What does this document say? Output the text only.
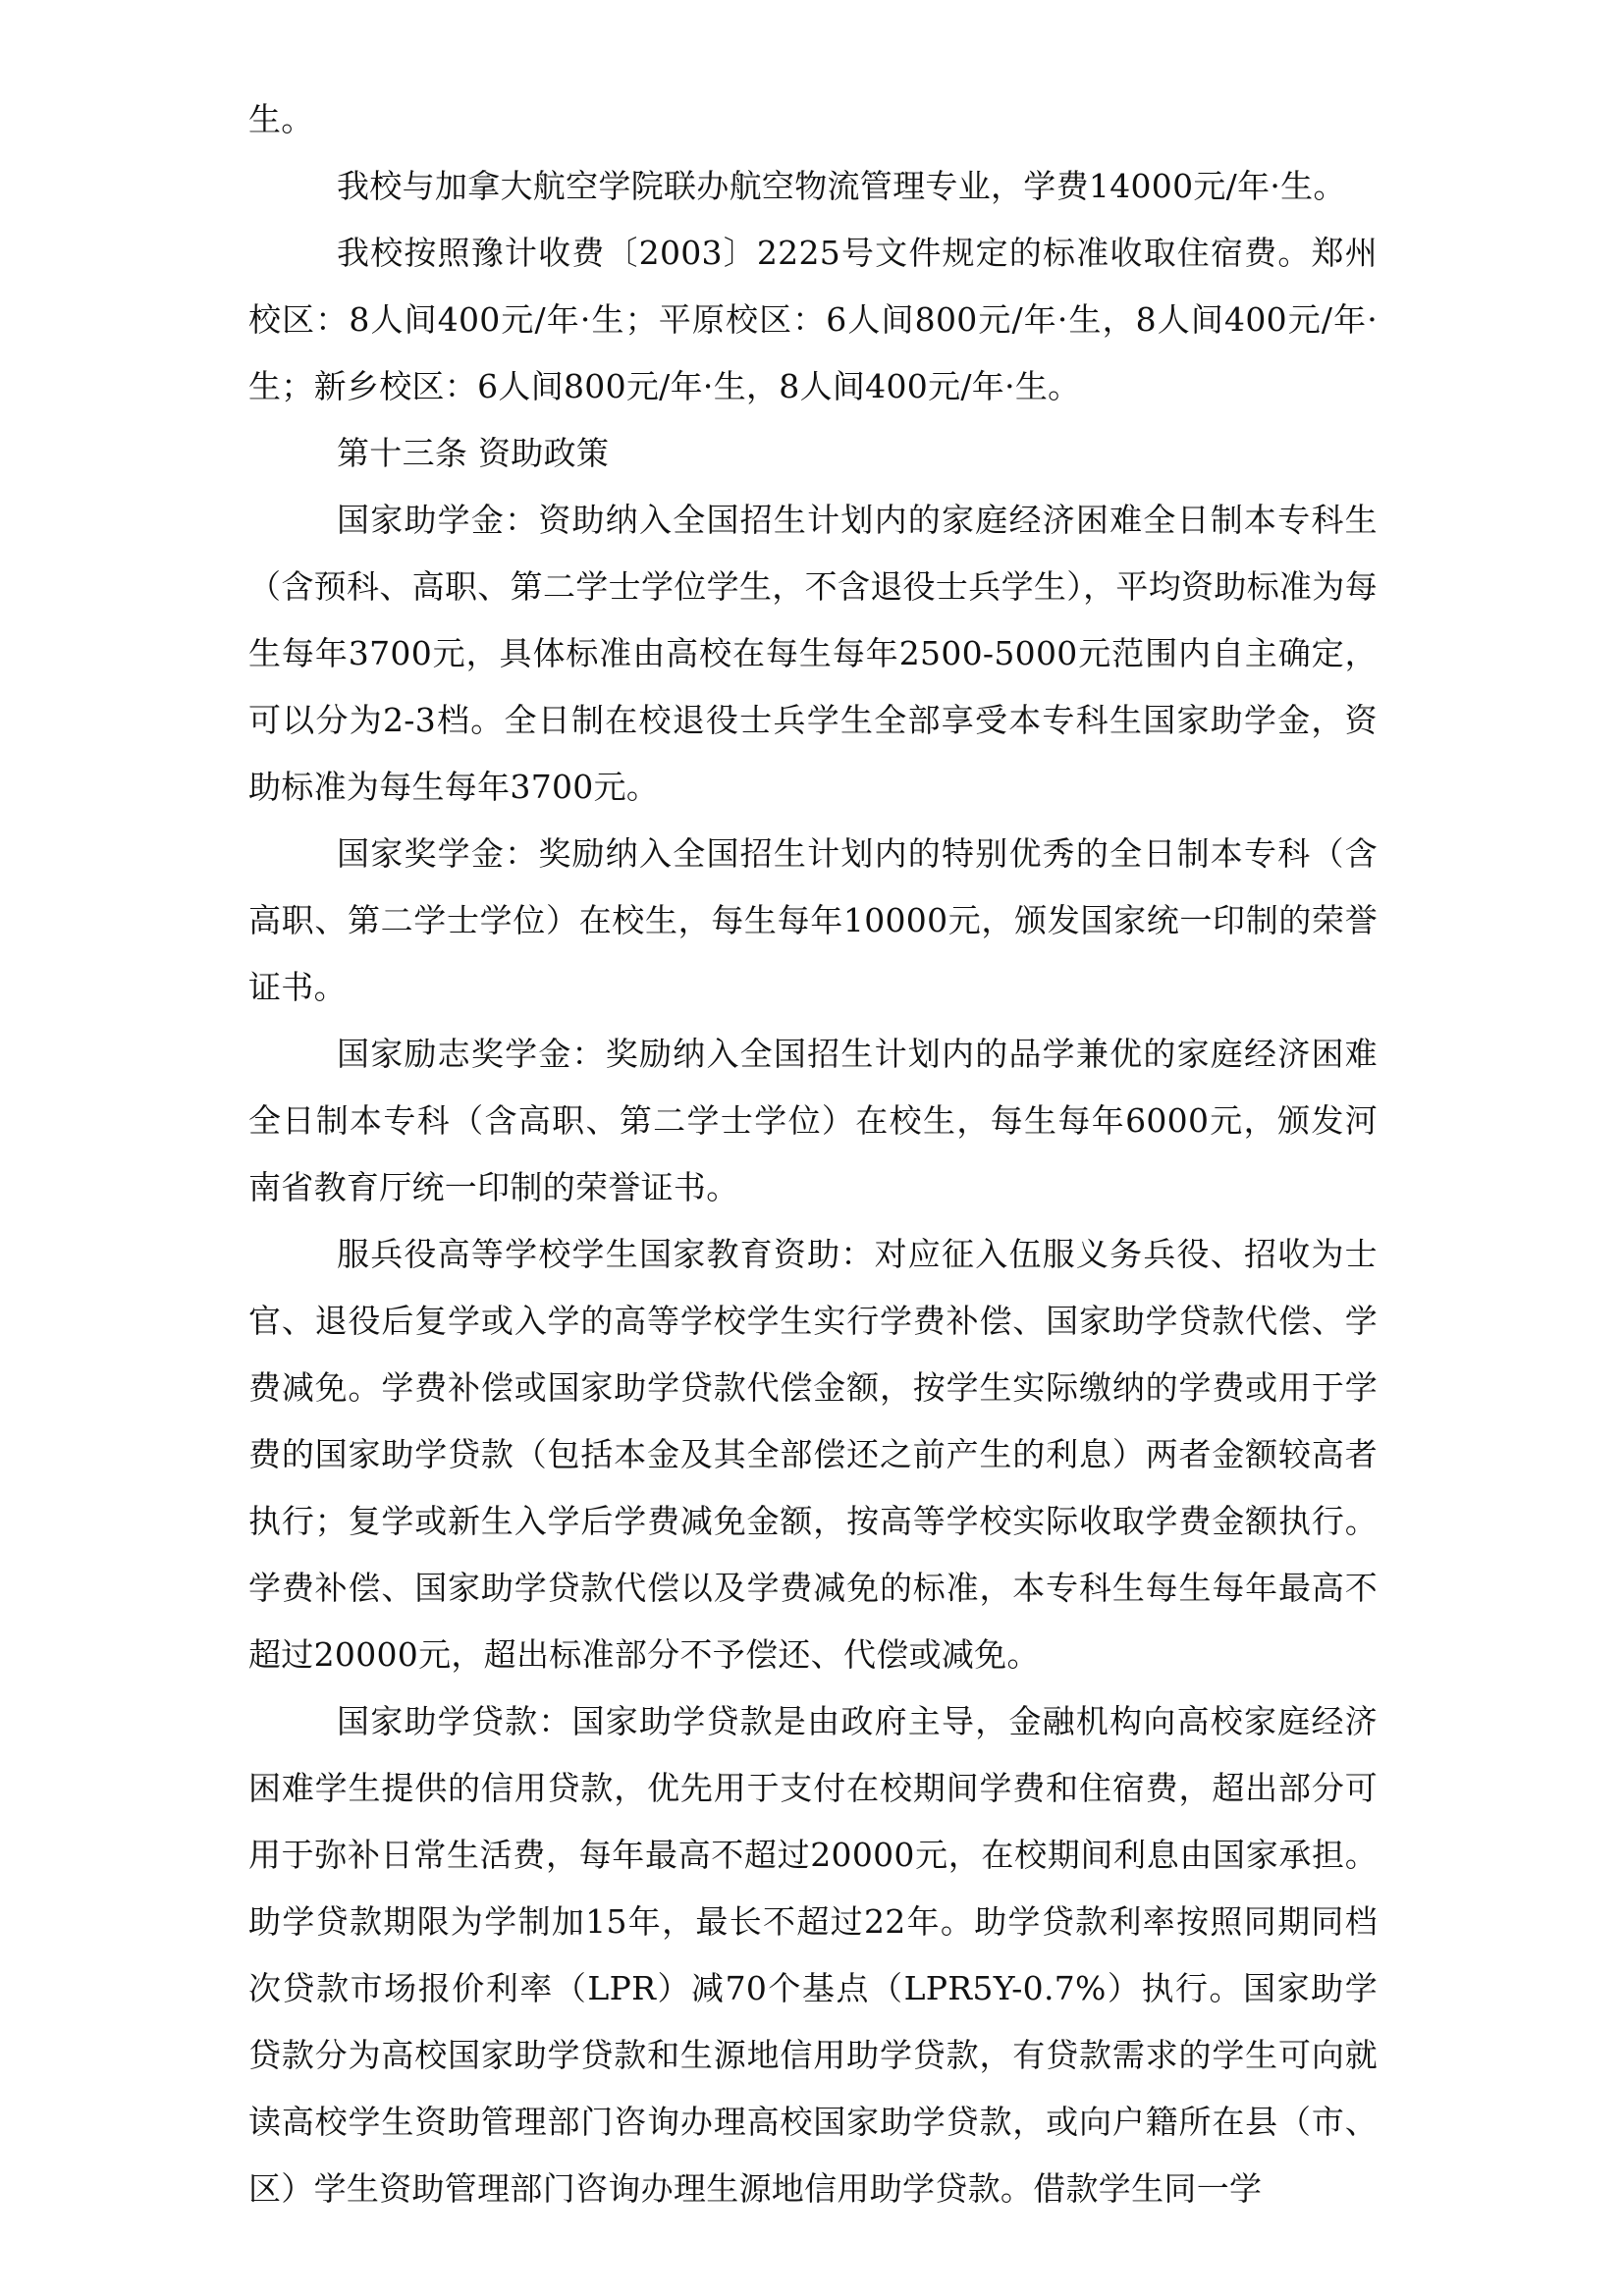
生。

我校与加拿大航空学院联办航空物流管理专业，学费14000元/年·生。

我校按照豫计收费〔2003〕2225号文件规定的标准收取住宿费。郑州校区：8人间400元/年·生；平原校区：6人间800元/年·生，8人间400元/年·生；新乡校区：6人间800元/年·生，8人间400元/年·生。

第十三条 资助政策

国家助学金：资助纳入全国招生计划内的家庭经济困难全日制本专科生（含预科、高职、第二学士学位学生，不含退役士兵学生），平均资助标准为每生每年3700元，具体标准由高校在每生每年2500-5000元范围内自主确定，可以分为2-3档。全日制在校退役士兵学生全部享受本专科生国家助学金，资助标准为每生每年3700元。

国家奖学金：奖励纳入全国招生计划内的特别优秀的全日制本专科（含高职、第二学士学位）在校生，每生每年10000元，颁发国家统一印制的荣誉证书。

国家励志奖学金：奖励纳入全国招生计划内的品学兼优的家庭经济困难全日制本专科（含高职、第二学士学位）在校生，每生每年6000元，颁发河南省教育厅统一印制的荣誉证书。

服兵役高等学校学生国家教育资助：对应征入伍服义务兵役、招收为士官、退役后复学或入学的高等学校学生实行学费补偿、国家助学贷款代偿、学费减免。学费补偿或国家助学贷款代偿金额，按学生实际缴纳的学费或用于学费的国家助学贷款（包括本金及其全部偿还之前产生的利息）两者金额较高者执行；复学或新生入学后学费减免金额，按高等学校实际收取学费金额执行。学费补偿、国家助学贷款代偿以及学费减免的标准，本专科生每生每年最高不超过20000元，超出标准部分不予偿还、代偿或减免。

国家助学贷款：国家助学贷款是由政府主导，金融机构向高校家庭经济困难学生提供的信用贷款，优先用于支付在校期间学费和住宿费，超出部分可用于弥补日常生活费，每年最高不超过20000元，在校期间利息由国家承担。助学贷款期限为学制加15年，最长不超过22年。助学贷款利率按照同期同档次贷款市场报价利率（LPR）减70个基点（LPR5Y-0.7%）执行。国家助学贷款分为高校国家助学贷款和生源地信用助学贷款，有贷款需求的学生可向就读高校学生资助管理部门咨询办理高校国家助学贷款，或向户籍所在县（市、区）学生资助管理部门咨询办理生源地信用助学贷款。借款学生同一学
